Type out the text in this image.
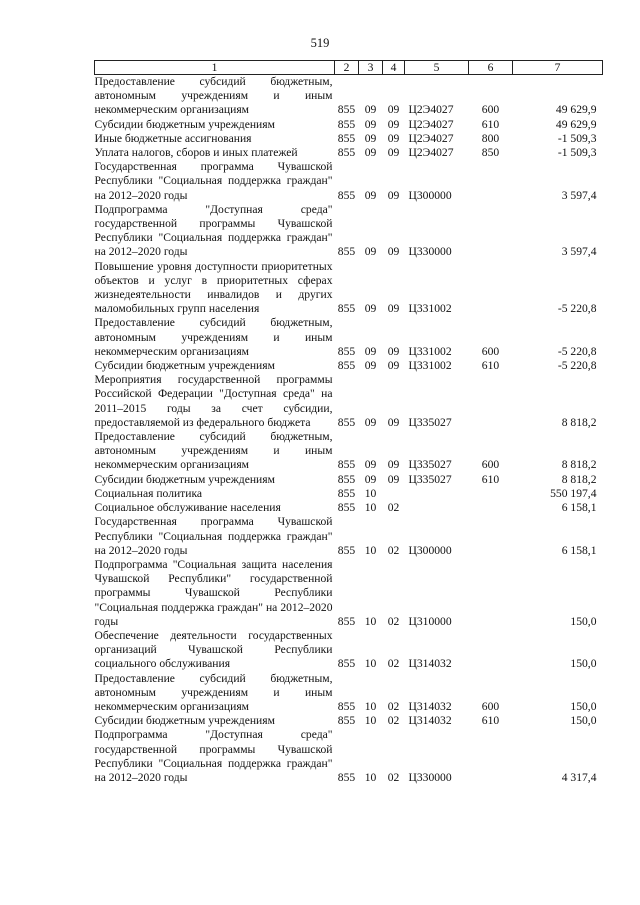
519
1	2	3	4	5	6	7
Предоставление субсидий бюджетным, автономным учреждениям и иным некоммерческим организациям	855	09	09	Ц2Э4027	600	49 629,9
Субсидии бюджетным учреждениям	855	09	09	Ц2Э4027	610	49 629,9
Иные бюджетные ассигнования	855	09	09	Ц2Э4027	800	-1 509,3
Уплата налогов, сборов и иных платежей	855	09	09	Ц2Э4027	850	-1 509,3
Государственная программа Чувашской Республики "Социальная поддержка граждан" на 2012–2020 годы	855	09	09	Ц300000		3 597,4
Подпрограмма "Доступная среда" государственной программы Чувашской Республики "Социальная поддержка граждан" на 2012–2020 годы	855	09	09	Ц330000		3 597,4
Повышение уровня доступности приоритетных объектов и услуг в приоритетных сферах жизнедеятельности инвалидов и других маломобильных групп населения	855	09	09	Ц331002		-5 220,8
Предоставление субсидий бюджетным, автономным учреждениям и иным некоммерческим организациям	855	09	09	Ц331002	600	-5 220,8
Субсидии бюджетным учреждениям	855	09	09	Ц331002	610	-5 220,8
Мероприятия государственной программы Российской Федерации "Доступная среда" на 2011–2015 годы за счет субсидии, предоставляемой из федерального бюджета	855	09	09	Ц335027		8 818,2
Предоставление субсидий бюджетным, автономным учреждениям и иным некоммерческим организациям	855	09	09	Ц335027	600	8 818,2
Субсидии бюджетным учреждениям	855	09	09	Ц335027	610	8 818,2
Социальная политика	855	10				550 197,4
Социальное обслуживание населения	855	10	02			6 158,1
Государственная программа Чувашской Республики "Социальная поддержка граждан" на 2012–2020 годы	855	10	02	Ц300000		6 158,1
Подпрограмма "Социальная защита населения Чувашской Республики" государственной программы Чувашской Республики "Социальная поддержка граждан" на 2012–2020 годы	855	10	02	Ц310000		150,0
Обеспечение деятельности государственных организаций Чувашской Республики социального обслуживания	855	10	02	Ц314032		150,0
Предоставление субсидий бюджетным, автономным учреждениям и иным некоммерческим организациям	855	10	02	Ц314032	600	150,0
Субсидии бюджетным учреждениям	855	10	02	Ц314032	610	150,0
Подпрограмма "Доступная среда" государственной программы Чувашской Республики "Социальная поддержка граждан" на 2012–2020 годы	855	10	02	Ц330000		4 317,4
